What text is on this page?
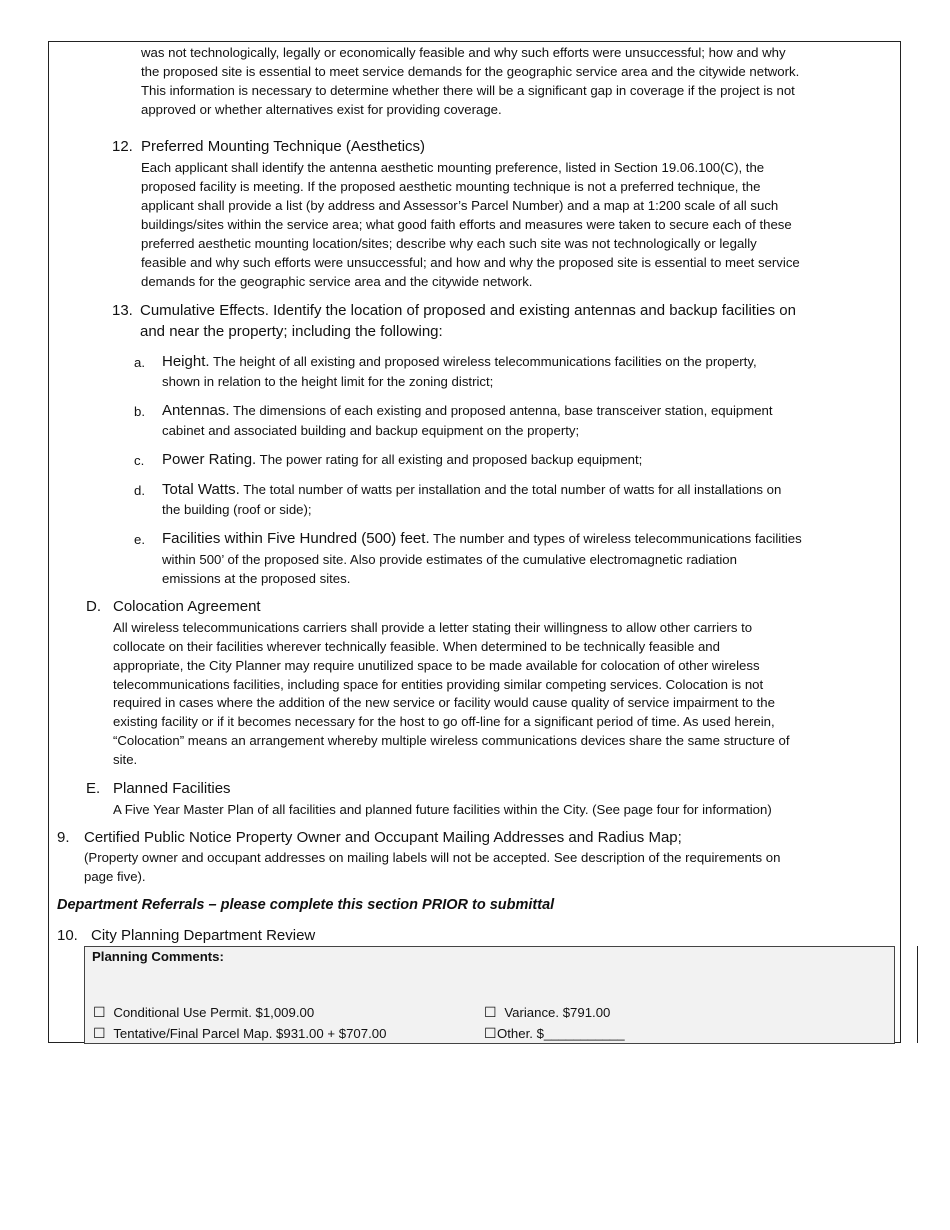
was not technologically, legally or economically feasible and why such efforts were unsuccessful; how and why
the proposed site is essential to meet service demands for the geographic service area and the citywide network.
This information is necessary to determine whether there will be a significant gap in coverage if the project is not
approved or whether alternatives exist for providing coverage.
12. Preferred Mounting Technique (Aesthetics)
Each applicant shall identify the antenna aesthetic mounting preference, listed in Section 19.06.100(C), the
proposed facility is meeting. If the proposed aesthetic mounting technique is not a preferred technique, the
applicant shall provide a list (by address and Assessor’s Parcel Number) and a map at 1:200 scale of all such
buildings/sites within the service area; what good faith efforts and measures were taken to secure each of these
preferred aesthetic mounting location/sites; describe why each such site was not technologically or legally
feasible and why such efforts were unsuccessful; and how and why the proposed site is essential to meet service
demands for the geographic service area and the citywide network.
13. Cumulative Effects. Identify the location of proposed and existing antennas and backup facilities on
and near the property; including the following:
a. Height. The height of all existing and proposed wireless telecommunications facilities on the property,
shown in relation to the height limit for the zoning district;
b. Antennas. The dimensions of each existing and proposed antenna, base transceiver station, equipment
cabinet and associated building and backup equipment on the property;
c. Power Rating. The power rating for all existing and proposed backup equipment;
d. Total Watts. The total number of watts per installation and the total number of watts for all installations on
the building (roof or side);
e. Facilities within Five Hundred (500) feet. The number and types of wireless telecommunications facilities
within 500’ of the proposed site. Also provide estimates of the cumulative electromagnetic radiation
emissions at the proposed sites.
D. Colocation Agreement
All wireless telecommunications carriers shall provide a letter stating their willingness to allow other carriers to
collocate on their facilities wherever technically feasible. When determined to be technically feasible and
appropriate, the City Planner may require unutilized space to be made available for colocation of other wireless
telecommunications facilities, including space for entities providing similar competing services. Colocation is not
required in cases where the addition of the new service or facility would cause quality of service impairment to the
existing facility or if it becomes necessary for the host to go off-line for a significant period of time. As used herein,
“Colocation” means an arrangement whereby multiple wireless communications devices share the same structure of
site.
E. Planned Facilities
A Five Year Master Plan of all facilities and planned future facilities within the City. (See page four for information)
9. Certified Public Notice Property Owner and Occupant Mailing Addresses and Radius Map;
(Property owner and occupant addresses on mailing labels will not be accepted. See description of the requirements on
page five).
Department Referrals – please complete this section PRIOR to submittal
10. City Planning Department Review
Planning Comments:
☐ Conditional Use Permit. $1,009.00	☐ Variance. $791.00
☐ Tentative/Final Parcel Map. $931.00 + $707.00	☐Other. $___________
